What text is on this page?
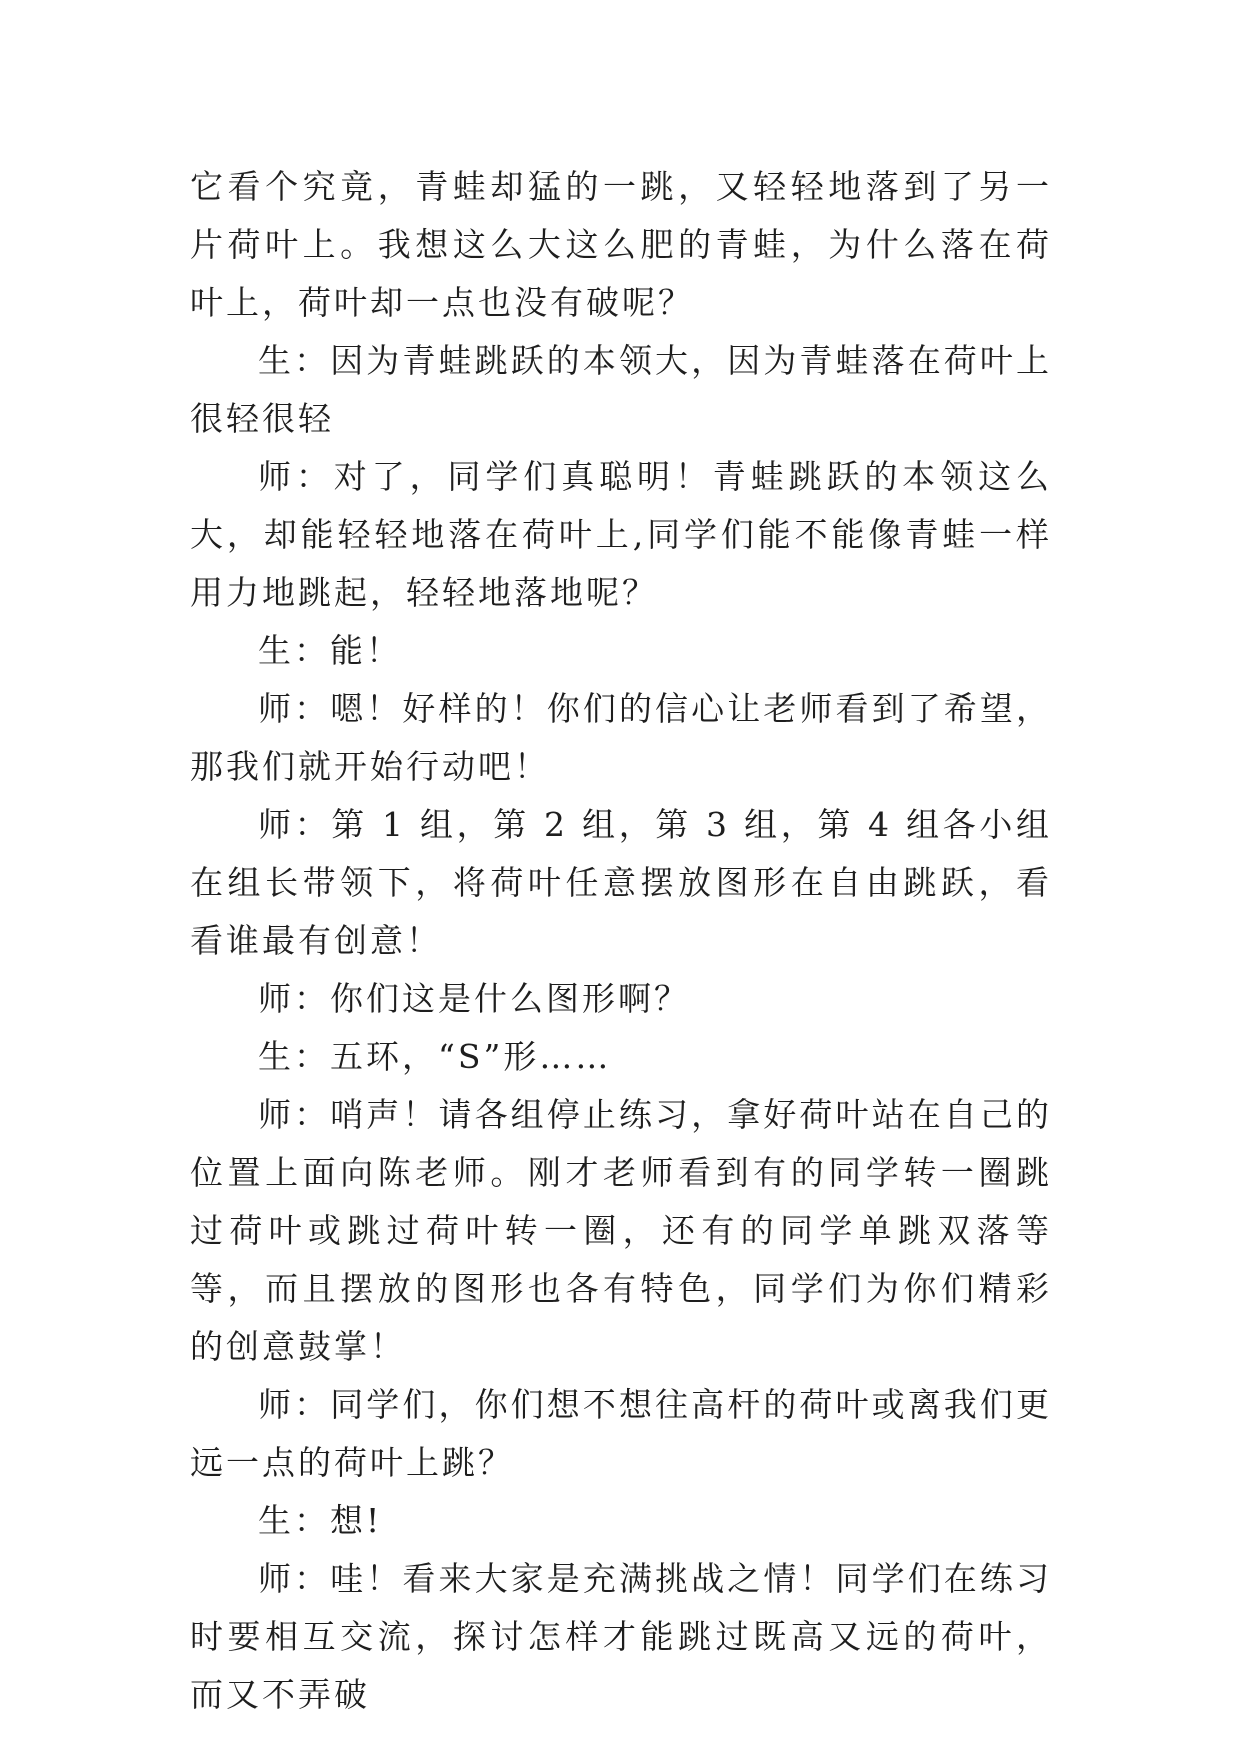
它看个究竟，青蛙却猛的一跳，又轻轻地落到了另一片荷叶上。我想这么大这么肥的青蛙，为什么落在荷叶上，荷叶却一点也没有破呢？

生：因为青蛙跳跃的本领大，因为青蛙落在荷叶上很轻很轻

师：对了，同学们真聪明！青蛙跳跃的本领这么大，却能轻轻地落在荷叶上,同学们能不能像青蛙一样用力地跳起，轻轻地落地呢？

生：能！

师：嗯！好样的！你们的信心让老师看到了希望，那我们就开始行动吧！

师：第 1 组，第 2 组，第 3 组，第 4 组各小组在组长带领下，将荷叶任意摆放图形在自由跳跃，看看谁最有创意！

师：你们这是什么图形啊？

生：五环，“S”形……

师：哨声！请各组停止练习，拿好荷叶站在自己的位置上面向陈老师。刚才老师看到有的同学转一圈跳过荷叶或跳过荷叶转一圈，还有的同学单跳双落等等，而且摆放的图形也各有特色，同学们为你们精彩的创意鼓掌！

师：同学们，你们想不想往高杆的荷叶或离我们更远一点的荷叶上跳？

生：想!

师：哇！看来大家是充满挑战之情！同学们在练习时要相互交流，探讨怎样才能跳过既高又远的荷叶，而又不弄破
